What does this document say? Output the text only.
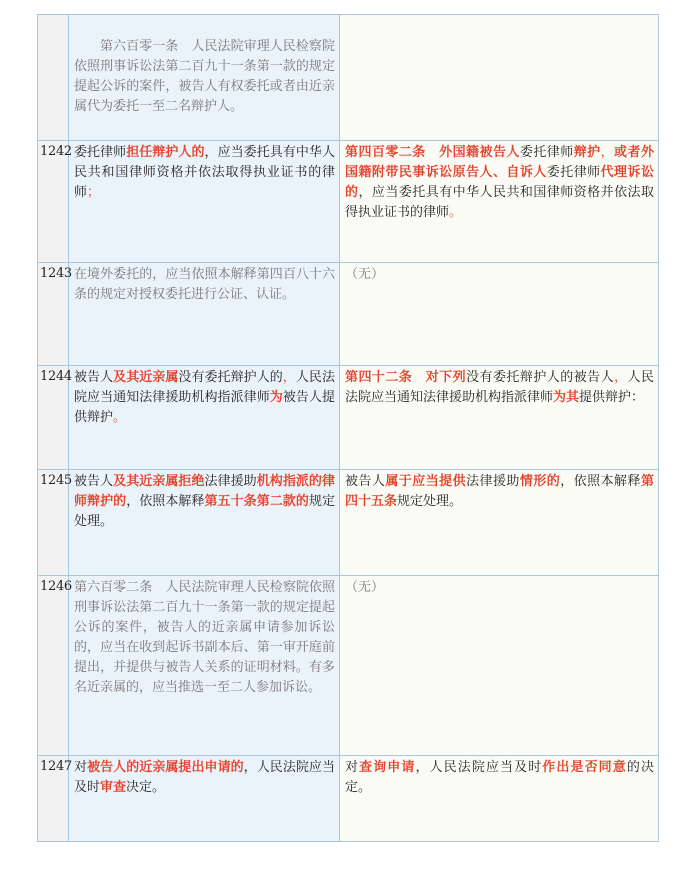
	第六百零一条　人民法院审理人民检察院依照刑事诉讼法第二百九十一条第一款的规定提起公诉的案件，被告人有权委托或者由近亲属代为委托一至二名辩护人。	

1242	委托律师担任辩护人的，应当委托具有中华人民共和国律师资格并依法取得执业证书的律师；	第四百零二条　外国籍被告人委托律师辩护，或者外国籍附带民事诉讼原告人、自诉人委托律师代理诉讼的，应当委托具有中华人民共和国律师资格并依法取得执业证书的律师。

1243	在境外委托的，应当依照本解释第四百八十六条的规定对授权委托进行公证、认证。	（无）

1244	被告人及其近亲属没有委托辩护人的，人民法院应当通知法律援助机构指派律师为被告人提供辩护。	第四十二条　对下列没有委托辩护人的被告人，人民法院应当通知法律援助机构指派律师为其提供辩护：

1245	被告人及其近亲属拒绝法律援助机构指派的律师辩护的，依照本解释第五十条第二款的规定处理。	被告人属于应当提供法律援助情形的，依照本解释第四十五条规定处理。

1246	第六百零二条　人民法院审理人民检察院依照刑事诉讼法第二百九十一条第一款的规定提起公诉的案件，被告人的近亲属申请参加诉讼的，应当在收到起诉书副本后、第一审开庭前提出，并提供与被告人关系的证明材料。有多名近亲属的，应当推选一至二人参加诉讼。	（无）

1247	对被告人的近亲属提出申请的，人民法院应当及时审查决定。	对查询申请，人民法院应当及时作出是否同意的决定。
